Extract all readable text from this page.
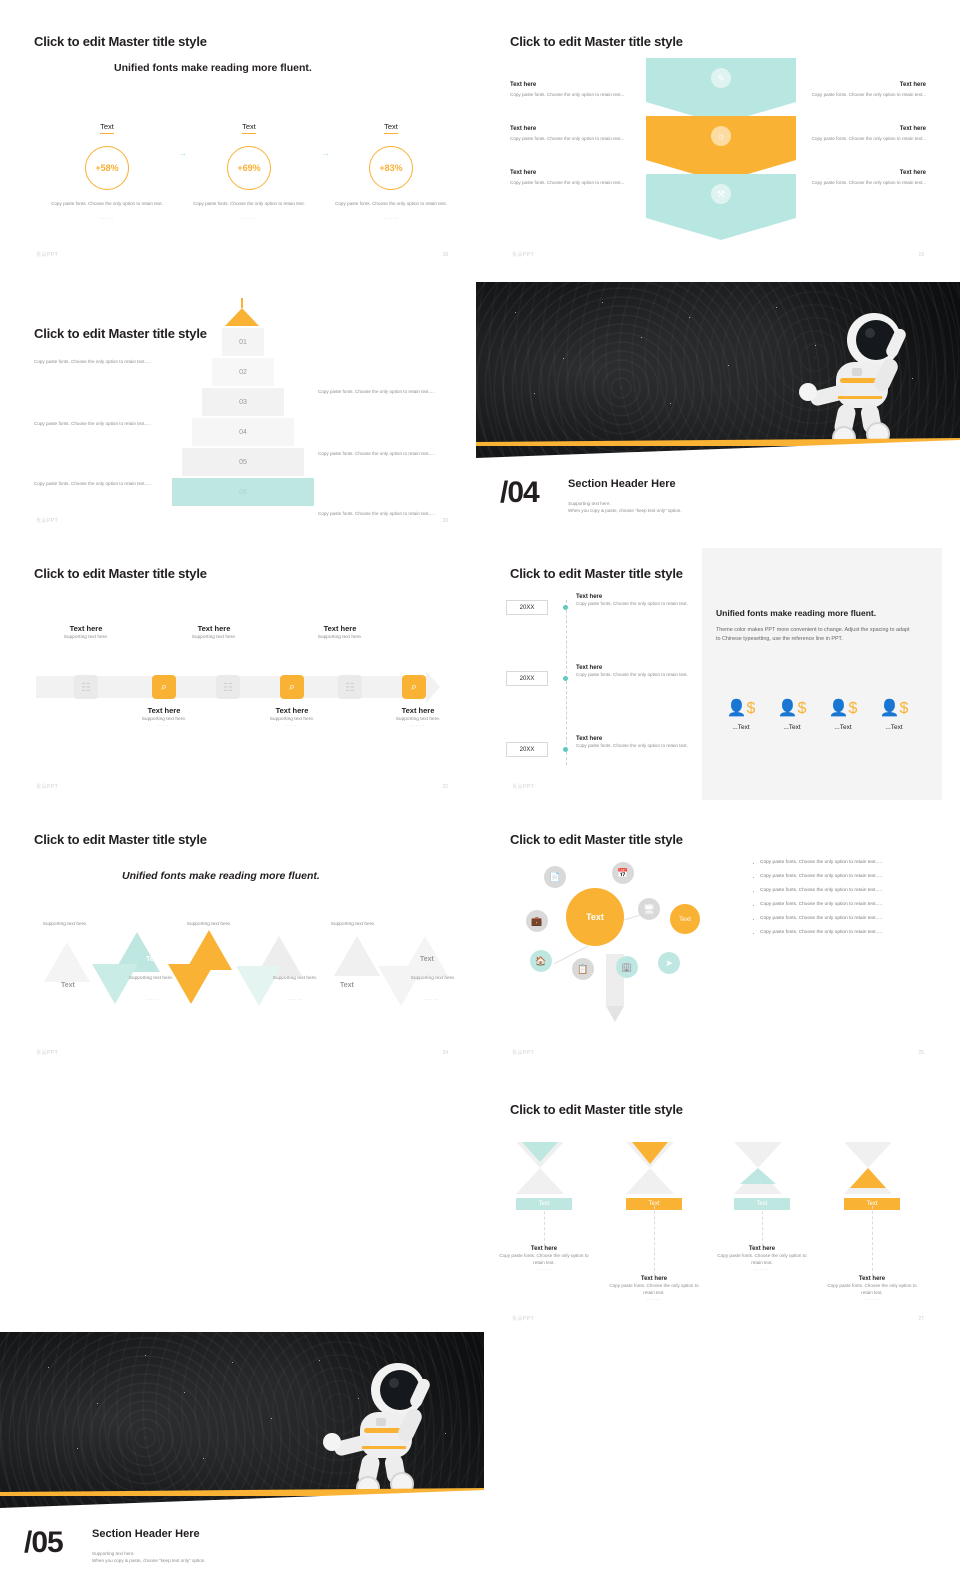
Click to edit Master title style
Unified fonts make reading more fluent.
Text
+58%
Copy paste fonts. Choose the only option to retain text.
......
→
Text
+69%
Copy paste fonts. Choose the only option to retain text.
......
→
Text
+83%
Copy paste fonts. Choose the only option to retain text.
......
优品PPT	18
Click to edit Master title style
✎
☼
⚒
Text here
Copy paste fonts. Choose the only option to retain text...
Text here
Copy paste fonts. Choose the only option to retain text...
Text here
Copy paste fonts. Choose the only option to retain text...
Text here
Copy paste fonts. Choose the only option to retain text...
Text here
Copy paste fonts. Choose the only option to retain text...
Text here
Copy paste fonts. Choose the only option to retain text...
优品PPT	19
Click to edit Master title style
01
02
03
04
05
06
Copy paste fonts. Choose the only option to retain text.....
Copy paste fonts. Choose the only option to retain text.....
Copy paste fonts. Choose the only option to retain text.....
Copy paste fonts. Choose the only option to retain text.....
Copy paste fonts. Choose the only option to retain text.....
Copy paste fonts. Choose the only option to retain text.....
优品PPT	20
/04	Section Header Here
Supporting text here.
When you copy & paste, choose “keep text only” option.
Click to edit Master title style
☷	⌕	☷	⌕	☷	⌕
Text here
Supporting text here.
Text here
Supporting text here.
Text here
Supporting text here.
Text here
Supporting text here.
......
Text here
Supporting text here.
......
Text here
Supporting text here.
......
优品PPT	22
Click to edit Master title style
20XX
Text here
Copy paste fonts. Choose the only option to retain text.
20XX
Text here
Copy paste fonts. Choose the only option to retain text.
20XX
Text here
Copy paste fonts. Choose the only option to retain text.
Unified fonts make reading more fluent.
Theme color makes PPT more convenient to change. Adjust the spacing to adapt to Chinese typesetting, use the reference line in PPT.
👤$
...Text
👤$
...Text
👤$
...Text
👤$
...Text
优品PPT
Click to edit Master title style
Unified fonts make reading more fluent.
Text
Text
Text	Text
Text
Supporting text here.
Supporting text here.
Supporting text here.
Supporting text here.
Supporting text here.
Supporting text here.
......	......	......
优品PPT	24
Click to edit Master title style
Text	Text
📄	📅
💼
🖥
🏠
📋	🏢	➤
· Copy paste fonts. Choose the only option to retain text.....
· Copy paste fonts. Choose the only option to retain text.....
· Copy paste fonts. Choose the only option to retain text.....
· Copy paste fonts. Choose the only option to retain text.....
· Copy paste fonts. Choose the only option to retain text.....
· Copy paste fonts. Choose the only option to retain text.....
优品PPT	25
/05	Section Header Here
Supporting text here.
When you copy & paste, choose “keep text only” option.
Click to edit Master title style
Text
Text here
Copy paste fonts. Choose the only option to retain text.
......
Text
Text here
Copy paste fonts. Choose the only option to retain text.
......
Text
Text here
Copy paste fonts. Choose the only option to retain text.
......
Text
Text here
Copy paste fonts. Choose the only option to retain text.
......
优品PPT	27
